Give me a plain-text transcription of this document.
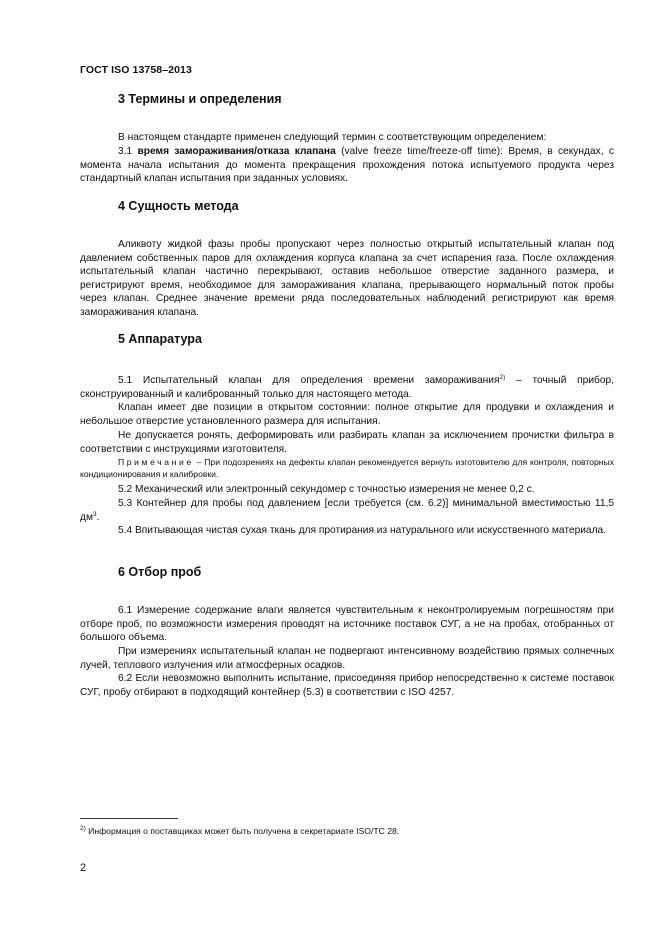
ГОСТ ISO 13758–2013
3 Термины и определения
В настоящем стандарте применен следующий термин с соответствующим определением:
3.1 время замораживания/отказа клапана (valve freeze time/freeze-off time): Время, в секундах, с момента начала испытания до момента прекращения прохождения потока испытуемого продукта через стандартный клапан испытания при заданных условиях.
4 Сущность метода
Аликвоту жидкой фазы пробы пропускают через полностью открытый испытательный клапан под давлением собственных паров для охлаждения корпуса клапана за счет испарения газа. После охлаждения испытательный клапан частично перекрывают, оставив небольшое отверстие заданного размера, и регистрируют время, необходимое для замораживания клапана, прерывающего нормальный поток пробы через клапан. Среднее значение времени ряда последовательных наблюдений регистрируют как время замораживания клапана.
5 Аппаратура
5.1 Испытательный клапан для определения времени замораживания$^{2)}$ – точный прибор, сконструированный и калиброванный только для настоящего метода.
Клапан имеет две позиции в открытом состоянии: полное открытие для продувки и охлаждения и небольшое отверстие установленного размера для испытания.
Не допускается ронять, деформировать или разбирать клапан за исключением прочистки фильтра в соответствии с инструкциями изготовителя.
Примечание – При подозрениях на дефекты клапан рекомендуется вернуть изготовителю для контроля, повторных кондиционирования и калибровки.
5.2 Механический или электронный секундомер с точностью измерения не менее 0,2 с.
5.3 Контейнер для пробы под давлением [если требуется (см. 6.2)] минимальной вместимостью 11,5 $дм^3$.
5.4 Впитывающая чистая сухая ткань для протирания из натурального или искусственного материала.
6 Отбор проб
6.1 Измерение содержание влаги является чувствительным к неконтролируемым погрешностям при отборе проб, по возможности измерения проводят на источнике поставок СУГ, а не на пробах, отобранных от большого объема.
При измерениях испытательный клапан не подвергают интенсивному воздействию прямых солнечных лучей, теплового излучения или атмосферных осадков.
6.2 Если невозможно выполнить испытание, присоединяя прибор непосредственно к системе поставок СУГ, пробу отбирают в подходящий контейнер (5.3) в соответствии с ISO 4257.
$^{2)}$ Информация о поставщиках может быть получена в секретариате ISO/TC 28.
2
